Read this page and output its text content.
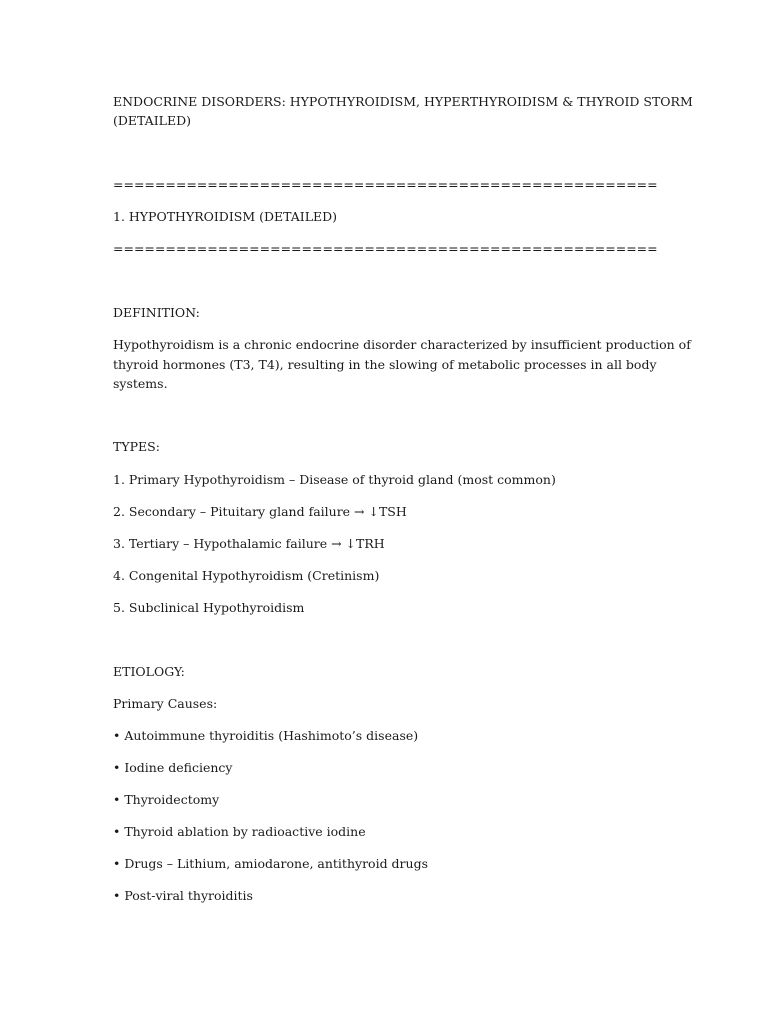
ENDOCRINE DISORDERS: HYPOTHYROIDISM, HYPERTHYROIDISM & THYROID STORM
(DETAILED)
====================================================
1. HYPOTHYROIDISM (DETAILED)
====================================================
DEFINITION:
Hypothyroidism is a chronic endocrine disorder characterized by insufficient production of
thyroid hormones (T3, T4), resulting in the slowing of metabolic processes in all body
systems.
TYPES:
1. Primary Hypothyroidism – Disease of thyroid gland (most common)
2. Secondary – Pituitary gland failure → ↓TSH
3. Tertiary – Hypothalamic failure → ↓TRH
4. Congenital Hypothyroidism (Cretinism)
5. Subclinical Hypothyroidism
ETIOLOGY:
Primary Causes:
• Autoimmune thyroiditis (Hashimoto’s disease)
• Iodine deficiency
• Thyroidectomy
• Thyroid ablation by radioactive iodine
• Drugs – Lithium, amiodarone, antithyroid drugs
• Post-viral thyroiditis
